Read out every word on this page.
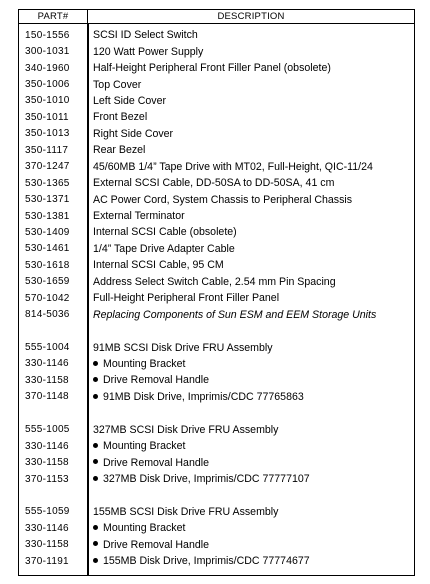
PART#	DESCRIPTION
150-1556	SCSI ID Select Switch
300-1031	120 Watt Power Supply
340-1960	Half-Height Peripheral Front Filler Panel (obsolete)
350-1006	Top Cover
350-1010	Left Side Cover
350-1011	Front Bezel
350-1013	Right Side Cover
350-1117	Rear Bezel
370-1247	45/60MB 1/4” Tape Drive with MT02, Full-Height, QIC-11/24
530-1365	External SCSI Cable, DD-50SA to DD-50SA, 41 cm
530-1371	AC Power Cord, System Chassis to Peripheral Chassis
530-1381	External Terminator
530-1409	Internal SCSI Cable (obsolete)
530-1461	1/4” Tape Drive Adapter Cable
530-1618	Internal SCSI Cable, 95 CM
530-1659	Address Select Switch Cable, 2.54 mm Pin Spacing
570-1042	Full-Height Peripheral Front Filler Panel
814-5036	Replacing Components of Sun ESM and EEM Storage Units
555-1004	91MB SCSI Disk Drive FRU Assembly
330-1146	Mounting Bracket
330-1158	Drive Removal Handle
370-1148	91MB Disk Drive, Imprimis/CDC 77765863
555-1005	327MB SCSI Disk Drive FRU Assembly
330-1146	Mounting Bracket
330-1158	Drive Removal Handle
370-1153	327MB Disk Drive, Imprimis/CDC 77777107
555-1059	155MB SCSI Disk Drive FRU Assembly
330-1146	Mounting Bracket
330-1158	Drive Removal Handle
370-1191	155MB Disk Drive, Imprimis/CDC 77774677
